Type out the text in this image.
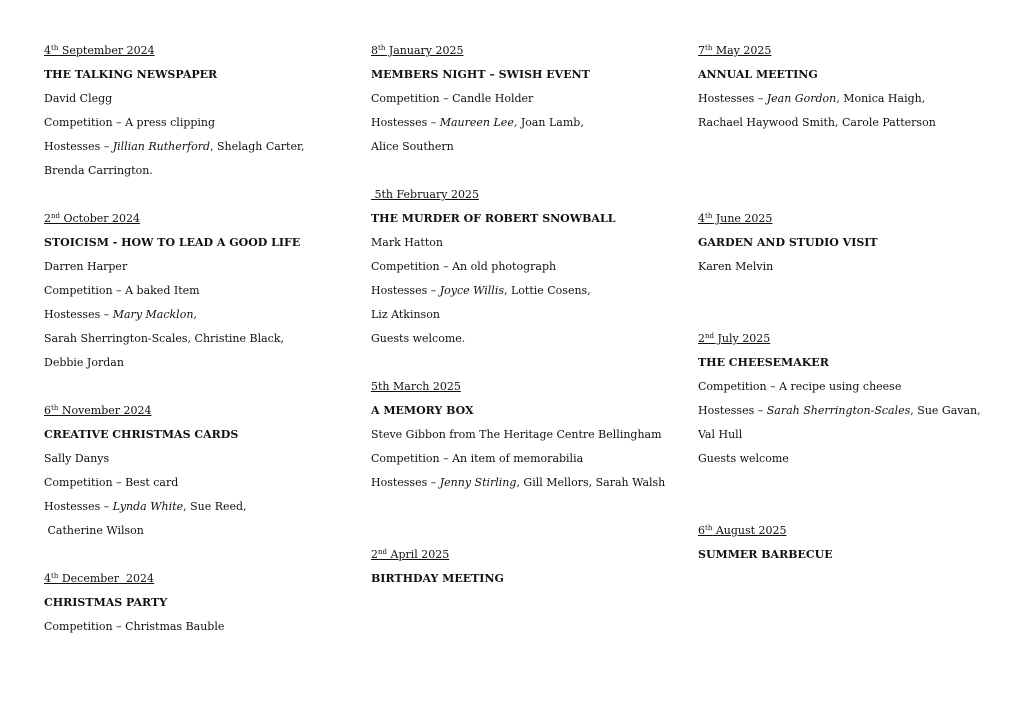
4th September 2024
THE TALKING NEWSPAPER
David Clegg
Competition – A press clipping
Hostesses – Jillian Rutherford, Shelagh Carter,
Brenda Carrington.
2nd October 2024
STOICISM - HOW TO LEAD A GOOD LIFE
Darren Harper
Competition – A baked Item
Hostesses – Mary Macklon,
Sarah Sherrington-Scales, Christine Black,
Debbie Jordan
6th November 2024
CREATIVE CHRISTMAS CARDS
Sally Danys
Competition – Best card
Hostesses – Lynda White, Sue Reed,
Catherine Wilson
4th December  2024
CHRISTMAS PARTY
Competition – Christmas Bauble
8th January 2025
MEMBERS NIGHT – SWISH EVENT
Competition – Candle Holder
Hostesses – Maureen Lee, Joan Lamb,
Alice Southern
5th February 2025
THE MURDER OF ROBERT SNOWBALL
Mark Hatton
Competition – An old photograph
Hostesses – Joyce Willis, Lottie Cosens,
Liz Atkinson
Guests welcome.
5th March 2025
A MEMORY BOX
Steve Gibbon from The Heritage Centre Bellingham
Competition – An item of memorabilia
Hostesses – Jenny Stirling, Gill Mellors, Sarah Walsh
2nd April 2025
BIRTHDAY MEETING
7th May 2025
ANNUAL MEETING
Hostesses – Jean Gordon, Monica Haigh,
Rachael Haywood Smith, Carole Patterson
4th June 2025
GARDEN AND STUDIO VISIT
Karen Melvin
2nd July 2025
THE CHEESEMAKER
Competition – A recipe using cheese
Hostesses – Sarah Sherrington-Scales, Sue Gavan,
Val Hull
Guests welcome
6th August 2025
SUMMER BARBECUE
